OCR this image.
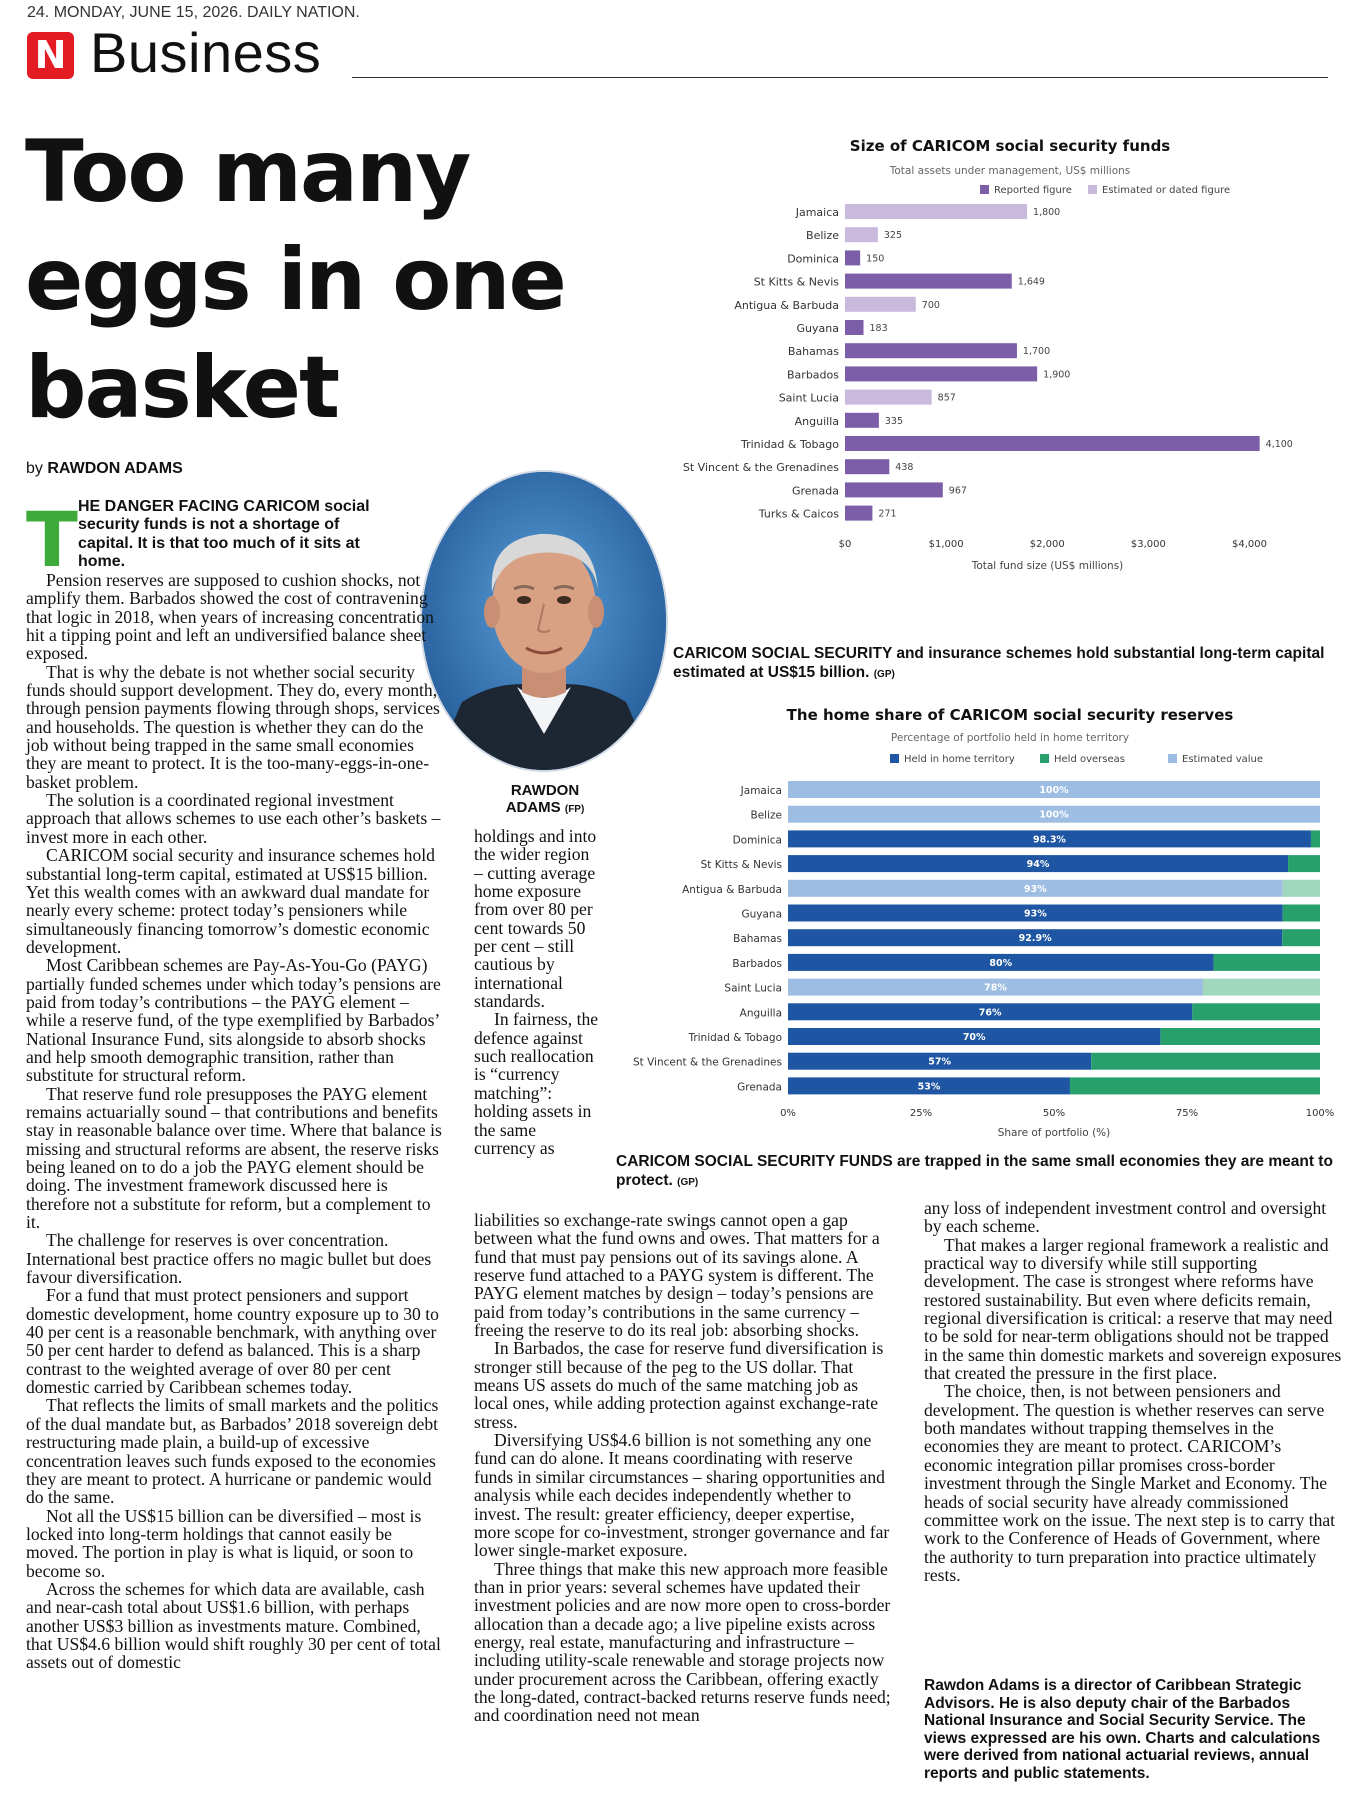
24. MONDAY, JUNE 15, 2026. DAILY NATION.
N Business
Too many eggs in one basket
by RAWDON ADAMS
RAWDON
ADAMS (FP)
T HE DANGER FACING CARICOM social security funds is not a shortage of capital. It is that too much of it sits at home.

Pension reserves are supposed to cushion shocks, not amplify them. Barbados showed the cost of contravening that logic in 2018, when years of increasing concentration hit a tipping point and left an undiversified balance sheet exposed.

That is why the debate is not whether social security funds should support development. They do, every month, through pension payments flowing through shops, services and households. The question is whether they can do the job without being trapped in the same small economies they are meant to protect. It is the too-many-eggs-in-one-basket problem.

The solution is a coordinated regional investment approach that allows schemes to use each other’s baskets – invest more in each other.

CARICOM social security and insurance schemes hold substantial long-term capital, estimated at US$15 billion. Yet this wealth comes with an awkward dual mandate for nearly every scheme: protect today’s pensioners while simultaneously financing tomorrow’s domestic economic development.

Most Caribbean schemes are Pay-As-You-Go (PAYG) partially funded schemes under which today’s pensions are paid from today’s contributions – the PAYG element – while a reserve fund, of the type exemplified by Barbados’ National Insurance Fund, sits alongside to absorb shocks and help smooth demographic transition, rather than substitute for structural reform.

That reserve fund role presupposes the PAYG element remains actuarially sound – that contributions and benefits stay in reasonable balance over time. Where that balance is missing and structural reforms are absent, the reserve risks being leaned on to do a job the PAYG element should be doing. The investment framework discussed here is therefore not a substitute for reform, but a complement to it.

The challenge for reserves is over concentration. International best practice offers no magic bullet but does favour diversification.

For a fund that must protect pensioners and support domestic development, home country exposure up to 30 to 40 per cent is a reasonable benchmark, with anything over 50 per cent harder to defend as balanced. This is a sharp contrast to the weighted average of over 80 per cent domestic carried by Caribbean schemes today.

That reflects the limits of small markets and the politics of the dual mandate but, as Barbados’ 2018 sovereign debt restructuring made plain, a build-up of excessive concentration leaves such funds exposed to the economies they are meant to protect. A hurricane or pandemic would do the same.

Not all the US$15 billion can be diversified – most is locked into long-term holdings that cannot easily be moved. The portion in play is what is liquid, or soon to become so.

Across the schemes for which data are available, cash and near-cash total about US$1.6 billion, with perhaps another US$3 billion as investments mature. Combined, that US$4.6 billion would shift roughly 30 per cent of total assets out of domestic

holdings and into the wider region – cutting average home exposure from over 80 per cent towards 50 per cent – still cautious by international standards.

In fairness, the defence against such reallocation is “currency matching”: holding assets in the same currency as

liabilities so exchange-rate swings cannot open a gap between what the fund owns and owes. That matters for a fund that must pay pensions out of its savings alone. A reserve fund attached to a PAYG system is different. The PAYG element matches by design – today’s pensions are paid from today’s contributions in the same currency – freeing the reserve to do its real job: absorbing shocks.

In Barbados, the case for reserve fund diversification is stronger still because of the peg to the US dollar. That means US assets do much of the same matching job as local ones, while adding protection against exchange-rate stress.

Diversifying US$4.6 billion is not something any one fund can do alone. It means coordinating with reserve funds in similar circumstances – sharing opportunities and analysis while each decides independently whether to invest. The result: greater efficiency, deeper expertise, more scope for co-investment, stronger governance and far lower single-market exposure.

Three things that make this new approach more feasible than in prior years: several schemes have updated their investment policies and are now more open to cross-border allocation than a decade ago; a live pipeline exists across energy, real estate, manufacturing and infrastructure – including utility-scale renewable and storage projects now under procurement across the Caribbean, offering exactly the long-dated, contract-backed returns reserve funds need; and coordination need not mean

any loss of independent investment control and oversight by each scheme.

That makes a larger regional framework a realistic and practical way to diversify while still supporting development. The case is strongest where reforms have restored sustainability. But even where deficits remain, regional diversification is critical: a reserve that may need to be sold for near-term obligations should not be trapped in the same thin domestic markets and sovereign exposures that created the pressure in the first place.

The choice, then, is not between pensioners and development. The question is whether reserves can serve both mandates without trapping themselves in the economies they are meant to protect. CARICOM’s economic integration pillar promises cross-border investment through the Single Market and Economy. The heads of social security have already commissioned committee work on the issue. The next step is to carry that work to the Conference of Heads of Government, where the authority to turn preparation into practice ultimately rests.

Size of CARICOM social security funds
Total assets under management, US$ millions
Reported figure	Estimated or dated figure
Jamaica	1,800
Belize	325
Dominica	150
St Kitts & Nevis	1,649
Antigua & Barbuda	700
Guyana	183
Bahamas	1,700
Barbados	1,900
Saint Lucia	857
Anguilla	335
Trinidad & Tobago	4,100
St Vincent & the Grenadines	438
Grenada	967
Turks & Caicos	271
$0	$1,000	$2,000	$3,000	$4,000
Total fund size (US$ millions)
CARICOM SOCIAL SECURITY and insurance schemes hold substantial long-term capital estimated at US$15 billion. (GP)
The home share of CARICOM social security reserves
Percentage of portfolio held in home territory
Held in home territory	Held overseas	Estimated value
Jamaica	100%
Belize	100%
Dominica	98.3%
St Kitts & Nevis	94%
Antigua & Barbuda	93%
Guyana	93%
Bahamas	92.9%
Barbados	80%
Saint Lucia	78%
Anguilla	76%
Trinidad & Tobago	70%
St Vincent & the Grenadines	57%
Grenada	53%
0%	25%	50%	75%	100%
Share of portfolio (%)
CARICOM SOCIAL SECURITY FUNDS are trapped in the same small economies they are meant to protect. (GP)
Rawdon Adams is a director of Caribbean Strategic Advisors. He is also deputy chair of the Barbados National Insurance and Social Security Service. The views expressed are his own. Charts and calculations were derived from national actuarial reviews, annual reports and public statements.
